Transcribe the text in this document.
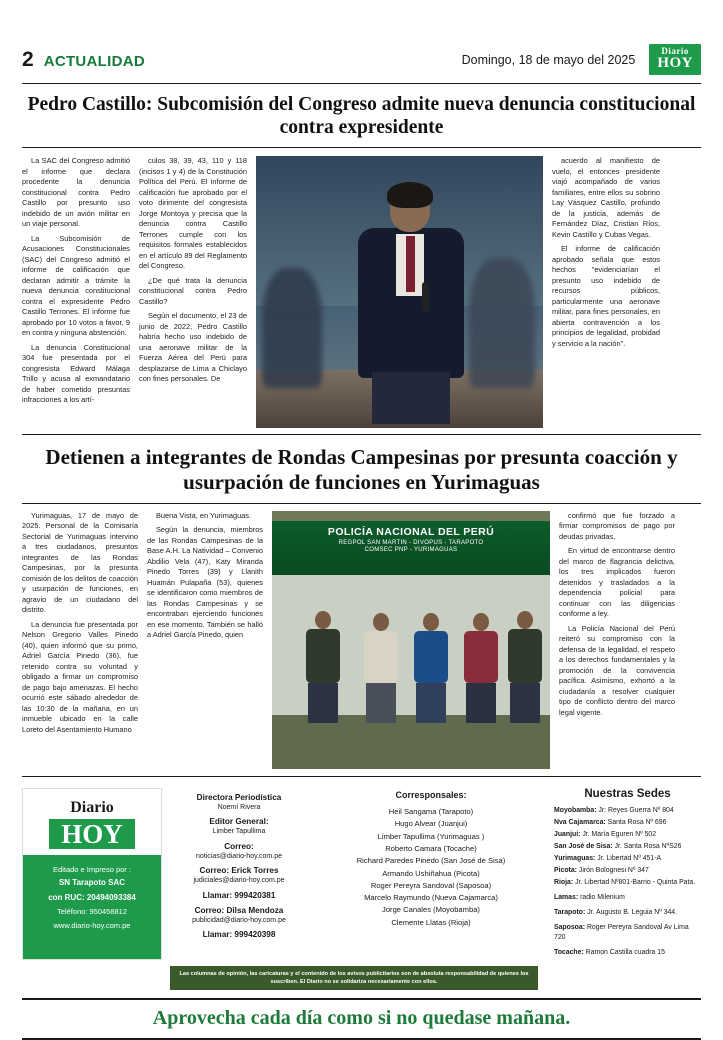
2 ACTUALIDAD	Domingo, 18 de mayo del 2025
Diario
HOY
Pedro Castillo: Subcomisión del Congreso admite nueva denuncia constitucional contra expresidente

La SAC del Congreso admitió el informe que declara procedente la denuncia constitucional contra Pedro Castillo por presunto uso indebido de un avión militar en un viaje personal.

La Subcomisión de Acusaciones Constitucionales (SAC) del Congreso admitió el informe de calificación que declaran admitir a trámite la nueva denuncia constitucional contra el expresidente Pedro Castillo Terrones. El informe fue aprobado por 10 votos a favor, 9 en contra y ninguna abstención.

La denuncia Constitucional 304 fue presentada por el congresista Edward Málaga Trillo y acusa al exmandatario de haber cometido presuntas infracciones a los artí-

culos 38, 39, 43, 110 y 118 (incisos 1 y 4) de la Constitución Política del Perú. El informe de calificación fue aprobado por el voto dirimente del congresista Jorge Montoya y precisa que la denuncia contra Castillo Terrones cumple con los requisitos formales establecidos en el artículo 89 del Reglamento del Congreso.

¿De qué trata la denuncia constitucional contra Pedro Castillo?

Según el documento, el 23 de junio de 2022, Pedro Castillo habría hecho uso indebido de una aeronave militar de la Fuerza Aérea del Perú para desplazarse de Lima a Chiclayo con fines personales. De

acuerdo al manifiesto de vuelo, el entonces presidente viajó acompañado de varios familiares, entre ellos su sobrino Lay Vásquez Castillo, profundo de la justicia, además de Fernández Díaz, Cristian Ríos, Kevin Castillo y Cubas Vegas.

El informe de calificación aprobado señala que estos hechos "evidenciarían el presunto uso indebido de recursos públicos, particularmente una aeronave militar, para fines personales, en abierta contravención a los principios de legalidad, probidad y servicio a la nación".

Detienen a integrantes de Rondas Campesinas por presunta coacción y usurpación de funciones en Yurimaguas

Yurimaguas, 17 de mayo de 2025. Personal de la Comisaría Sectorial de Yurimaguas intervino a tres ciudadanos, presuntos integrantes de las Rondas Campesinas, por la presunta comisión de los delitos de coacción y usurpación de funciones, en agravio de un ciudadano del distrito.

La denuncia fue presentada por Nelson Gregorio Valles Pinedo (40), quien informó que su primo, Adriel García Pinedo (36), fue retenido contra su voluntad y obligado a firmar un compromiso de pago bajo amenazas. El hecho ocurrió este sábado alrededor de las 10:30 de la mañana, en un inmueble ubicado en la calle Loreto del Asentamiento Humano

Buena Vista, en Yurimaguas.

Según la denuncia, miembros de las Rondas Campesinas de la Base A.H. La Natividad – Convenio Abdilio Vela (47), Katy Miranda Pinedo Torres (39) y Llanith Huamán Pulapaña (53), quienes se identificaron como miembros de las Rondas Campesinas y se encontraban ejerciendo funciones en ese momento. También se halló a Adriel García Pinedo, quien

POLICÍA NACIONAL DEL PERÚ
REGPOL SAN MARTIN - DIVOPUS - TARAPOTO
COMSEC PNP - YURIMAGUAS

confirmó que fue forzado a firmar compromisos de pago por deudas privadas.

En virtud de encontrarse dentro del marco de flagrancia delictiva, los tres implicados fueron detenidos y trasladados a la dependencia policial para continuar con las diligencias conforme a ley.

La Policía Nacional del Perú reiteró su compromiso con la defensa de la legalidad, el respeto a los derechos fundamentales y la promoción de la convivencia pacífica. Asimismo, exhortó a la ciudadanía a resolver cualquier tipo de conflicto dentro del marco legal vigente.

Diario
HOY
Editado e Impreso por :
SN Tarapoto SAC
con RUC: 20494093384
Teléfono: 950458812
www.diario-hoy.com.pe
Directora Periodística
Noemí Rivera
Editor General:
Limber Tapullima
Correo:
noticias@diario-hoy.com.pe
Correo: Erick Torres
judiciales@diario-hoy.com.pe
Llamar: 999420381
Correo: Dilsa Mendoza
publicidad@diario-hoy.com.pe
Llamar: 999420398
Corresponsales:
Heil Sangama (Tarapoto)
Hugo Alvear (Juanjui)
Limber Tapullima (Yurimaguas )
Roberto Camara (Tocache)
Richard Paredes Pinedo (San José de Sisa)
Armando Ushiñahua (Picota)
Roger Pereyra Sandoval (Saposoa)
Marcelo Raymundo (Nueva Cajamarca)
Jorge Canales (Moyobamba)
Clemente Llatas (Rioja)
Nuestras Sedes
Moyobamba: Jr: Reyes Guerra Nº 804
Nva Cajamarca: Santa Rosa Nº 696
Juanjui: Jr. María Eguren Nº 502
San José de Sisa: Jr. Santa Rosa NºS26
Yurimaguas: Jr. Libertad Nº 451-A
Picota: Jirón Bolognesi Nº 347
Rioja: Jr. Libertad Nº801-Barrio - Quinta Pata.
Lamas: radio Milenium
Tarapoto: Jr. Augusto B. Leguia Nº 344.
Saposoa: Roger Pereyra Sandoval Av Lima 720
Tocache: Ramon Castilla cuadra 15
Las columnas de opinión, las caricaturas y el contenido de los avisos publicitarios son de absoluta responsabilidad de quienes los suscriben. El Diario no se solidariza necesariamente con ellos.
Aprovecha cada día como si no quedase mañana.
